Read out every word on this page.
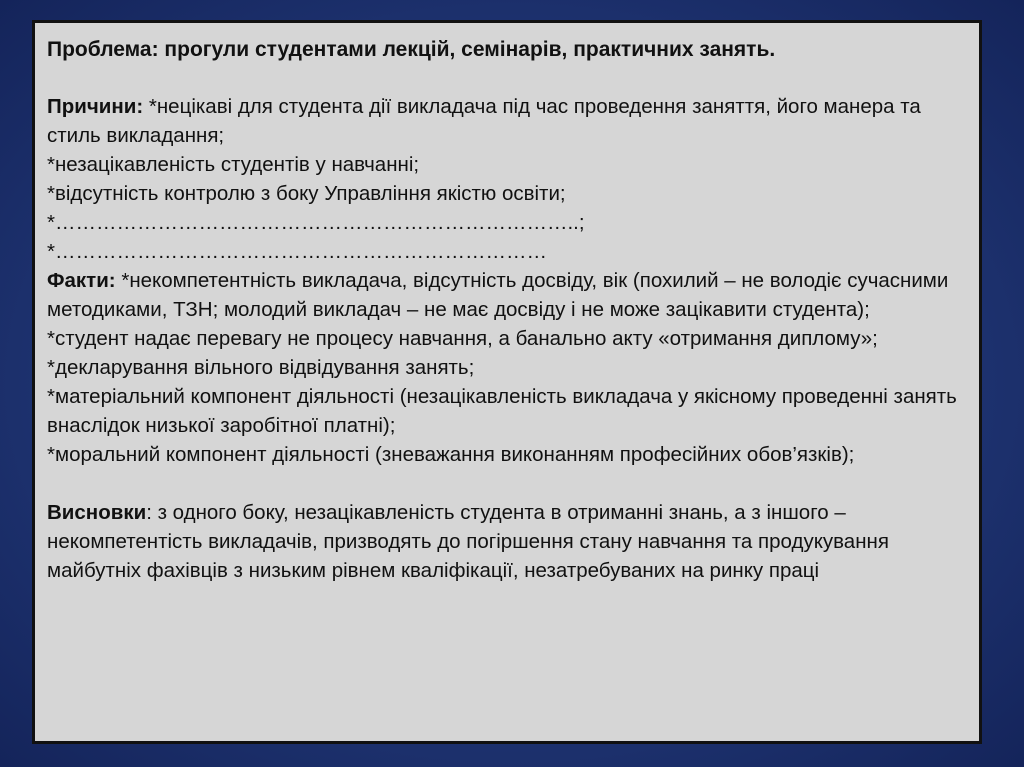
Проблема: прогули студентами лекцій, семінарів, практичних занять.

Причини: *нецікаві для студента дії викладача під час проведення заняття, його манера та стиль викладання;

*незацікавленість студентів у навчанні;

*відсутність контролю з боку Управління якістю освіти;

*…………………………………………………………………..;

*………………………………………………………………

Факти: *некомпетентність викладача, відсутність досвіду, вік (похилий – не володіє сучасними методиками, ТЗН; молодий викладач – не має досвіду і не може зацікавити студента);

*студент надає перевагу не процесу навчання, а банально акту «отримання диплому»;

*декларування вільного відвідування занять;

*матеріальний компонент діяльності (незацікавленість викладача у якісному проведенні занять внаслідок низької заробітної платні);

*моральний компонент діяльності (зневажання виконанням професійних обов’язків);

Висновки: з одного боку, незацікавленість студента в отриманні знань, а з іншого – некомпетентість викладачів, призводять до погіршення стану навчання та продукування майбутніх фахівців з низьким рівнем кваліфікації, незатребуваних на ринку праці
